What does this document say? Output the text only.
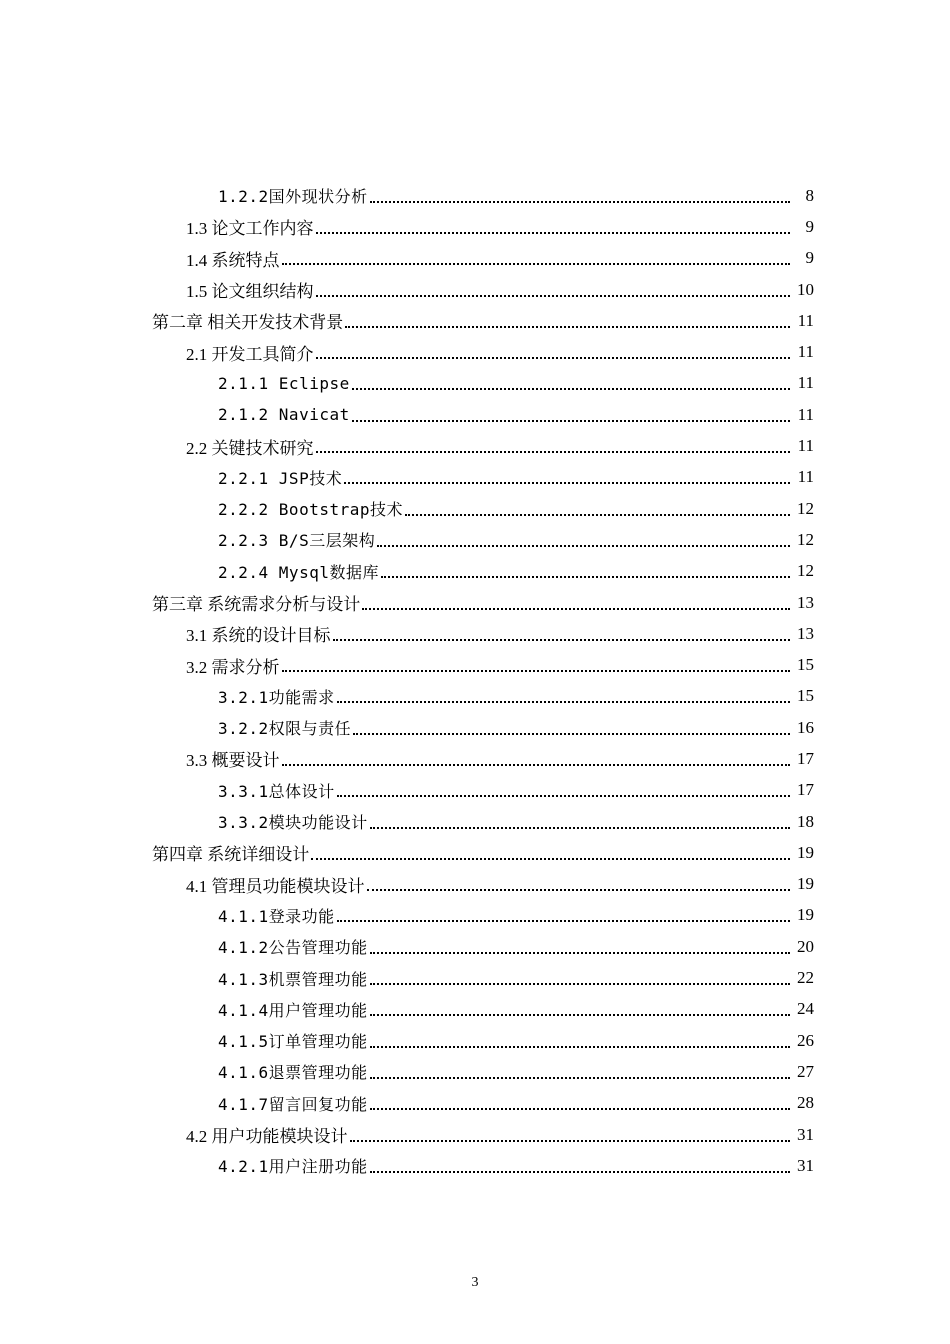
1.2.2国外现状分析	8
1.3 论文工作内容	9
1.4 系统特点	9
1.5 论文组织结构	10
第二章 相关开发技术背景	11
2.1 开发工具简介	11
2.1.1 Eclipse	11
2.1.2 Navicat	11
2.2 关键技术研究	11
2.2.1 JSP技术	11
2.2.2 Bootstrap技术	12
2.2.3 B/S三层架构	12
2.2.4 Mysql数据库	12
第三章 系统需求分析与设计	13
3.1 系统的设计目标	13
3.2 需求分析	15
3.2.1功能需求	15
3.2.2权限与责任	16
3.3 概要设计	17
3.3.1总体设计	17
3.3.2模块功能设计	18
第四章 系统详细设计	19
4.1 管理员功能模块设计	19
4.1.1登录功能	19
4.1.2公告管理功能	20
4.1.3机票管理功能	22
4.1.4用户管理功能	24
4.1.5订单管理功能	26
4.1.6退票管理功能	27
4.1.7留言回复功能	28
4.2 用户功能模块设计	31
4.2.1用户注册功能	31
3
